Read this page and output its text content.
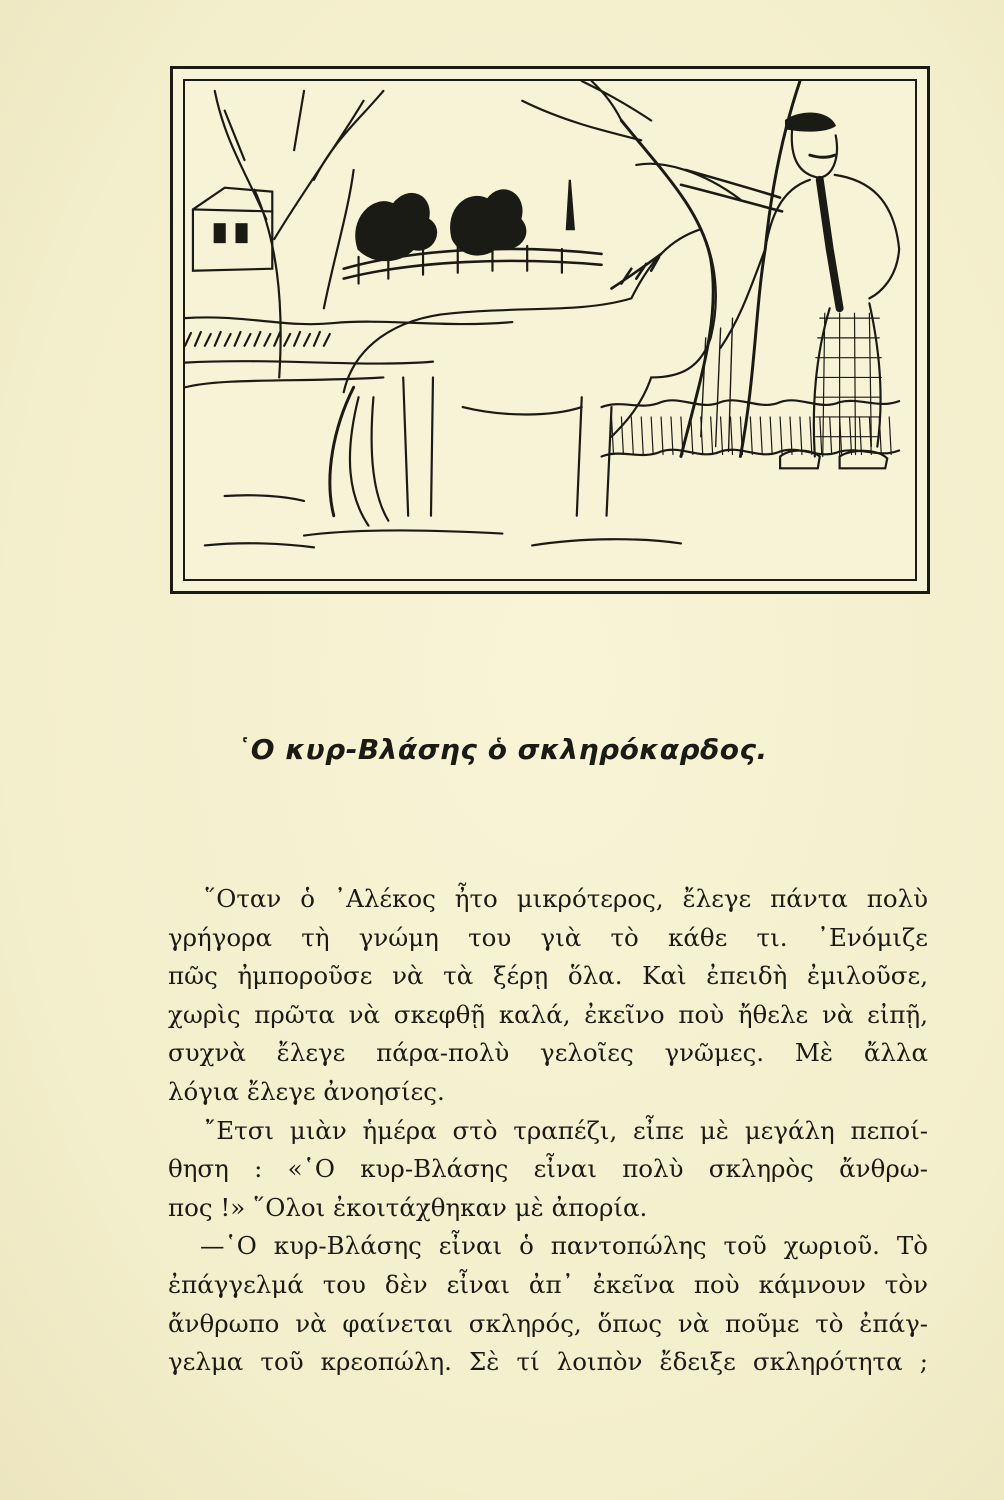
῾Ο κυρ-Βλάσης ὁ σκληρόκαρδος.
῞Οταν ὁ ᾿Αλέκος ἦτο μικρότερος, ἔλεγε πάντα πολὺ
γρήγορα τὴ γνώμη του γιὰ τὸ κάθε τι. ᾿Ενόμιζε
πῶς ἠμποροῦσε νὰ τὰ ξέρῃ ὅλα. Καὶ ἐπειδὴ ἐμιλοῦσε,
χωρὶς πρῶτα νὰ σκεφθῇ καλά, ἐκεῖνο ποὺ ἤθελε νὰ εἰπῇ,
συχνὰ ἔλεγε πάρα-πολὺ γελοῖες γνῶμες. Μὲ ἄλλα
λόγια ἔλεγε ἀνοησίες.
῎Ετσι μιὰν ἡμέρα στὸ τραπέζι, εἶπε μὲ μεγάλη πεποί-
θηση : «῾Ο κυρ-Βλάσης εἶναι πολὺ σκληρὸς ἄνθρω-
πος !» ῞Ολοι ἐκοιτάχθηκαν μὲ ἀπορία.
—῾Ο κυρ-Βλάσης εἶναι ὁ παντοπώλης τοῦ χωριοῦ. Τὸ
ἐπάγγελμά του δὲν εἶναι ἀπ᾿ ἐκεῖνα ποὺ κάμνουν τὸν
ἄνθρωπο νὰ φαίνεται σκληρός, ὅπως νὰ ποῦμε τὸ ἐπάγ-
γελμα τοῦ κρεοπώλη. Σὲ τί λοιπὸν ἔδειξε σκληρότητα ;
